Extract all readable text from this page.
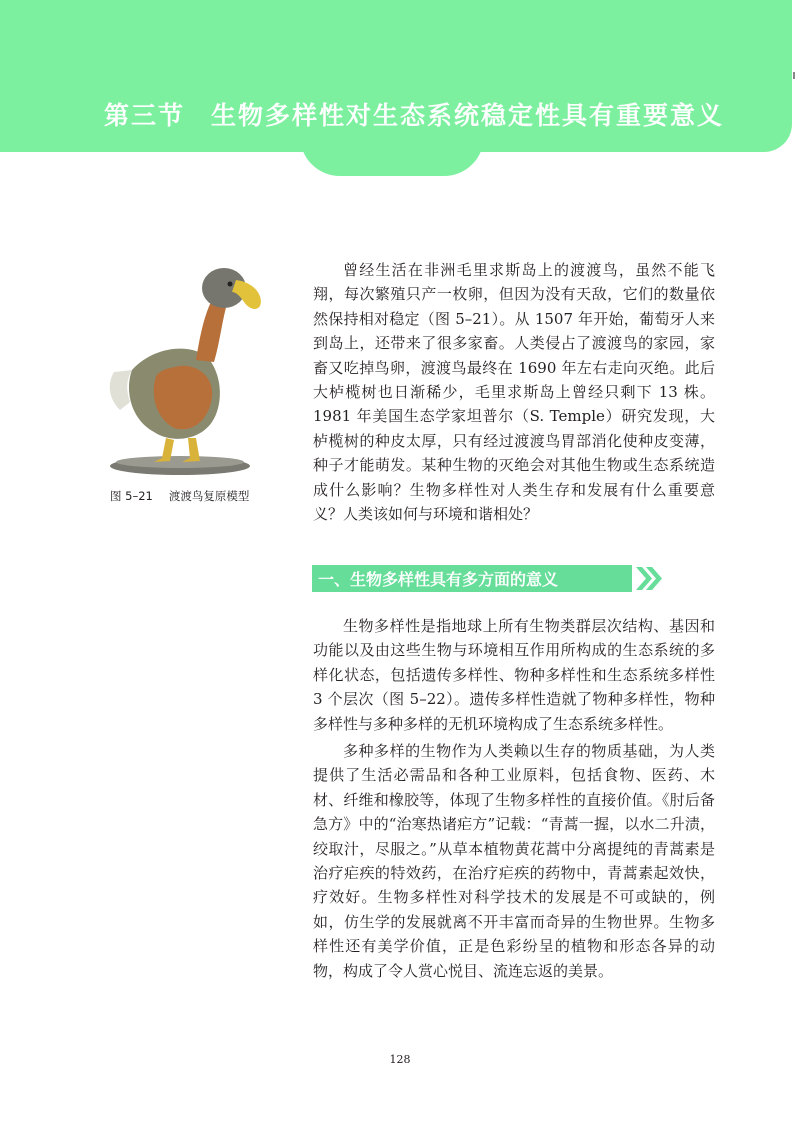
第三节 生物多样性对生态系统稳定性具有重要意义

图 5–21 渡渡鸟复原模型

曾经生活在非洲毛里求斯岛上的渡渡鸟，虽然不能飞翔，每次繁殖只产一枚卵，但因为没有天敌，它们的数量依然保持相对稳定（图 5–21）。从 1507 年开始，葡萄牙人来到岛上，还带来了很多家畜。人类侵占了渡渡鸟的家园，家畜又吃掉鸟卵，渡渡鸟最终在 1690 年左右走向灭绝。此后大栌榄树也日渐稀少，毛里求斯岛上曾经只剩下 13 株。1981 年美国生态学家坦普尔（S. Temple）研究发现，大栌榄树的种皮太厚，只有经过渡渡鸟胃部消化使种皮变薄，种子才能萌发。某种生物的灭绝会对其他生物或生态系统造成什么影响？生物多样性对人类生存和发展有什么重要意义？人类该如何与环境和谐相处？

一、生物多样性具有多方面的意义

生物多样性是指地球上所有生物类群层次结构、基因和功能以及由这些生物与环境相互作用所构成的生态系统的多样化状态，包括遗传多样性、物种多样性和生态系统多样性 3 个层次（图 5–22）。遗传多样性造就了物种多样性，物种多样性与多种多样的无机环境构成了生态系统多样性。

多种多样的生物作为人类赖以生存的物质基础，为人类提供了生活必需品和各种工业原料，包括食物、医药、木材、纤维和橡胶等，体现了生物多样性的直接价值。《肘后备急方》中的“治寒热诸疟方”记载：“青蒿一握，以水二升渍，绞取汁，尽服之。”从草本植物黄花蒿中分离提纯的青蒿素是治疗疟疾的特效药，在治疗疟疾的药物中，青蒿素起效快，疗效好。生物多样性对科学技术的发展是不可或缺的，例如，仿生学的发展就离不开丰富而奇异的生物世界。生物多样性还有美学价值，正是色彩纷呈的植物和形态各异的动物，构成了令人赏心悦目、流连忘返的美景。

128
